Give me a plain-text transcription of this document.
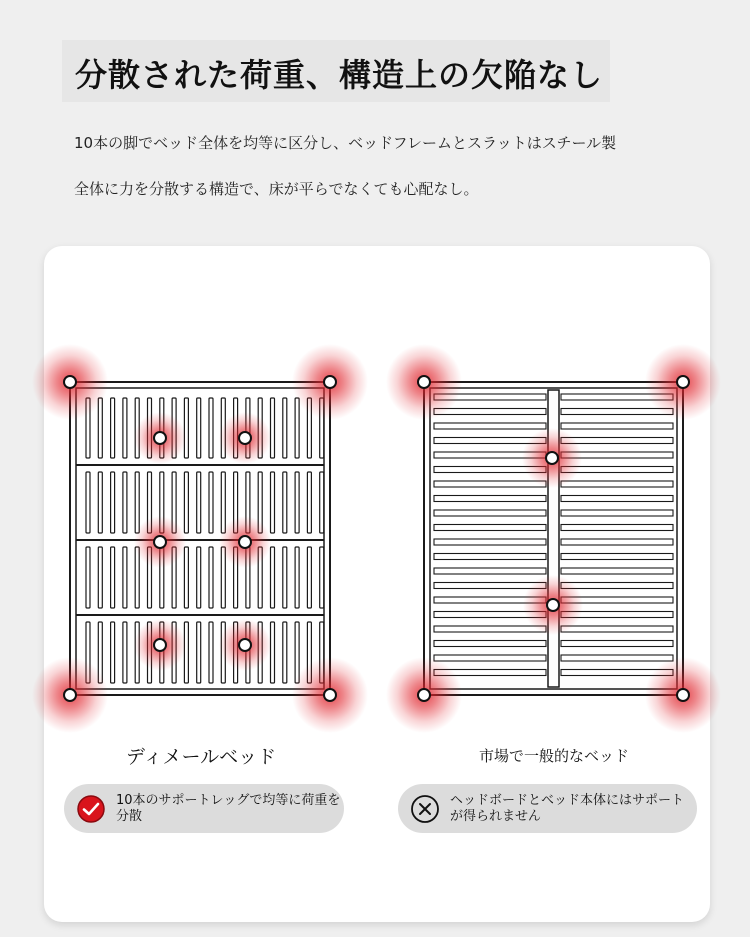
分散された荷重、構造上の欠陥なし
10本の脚でベッド全体を均等に区分し、ベッドフレームとスラットはスチール製
全体に力を分散する構造で、床が平らでなくても心配なし。
ディメールベッド	市場で一般的なベッド
10本のサポートレッグで均等に荷重を分散
ヘッドボードとベッド本体にはサポートが得られません
